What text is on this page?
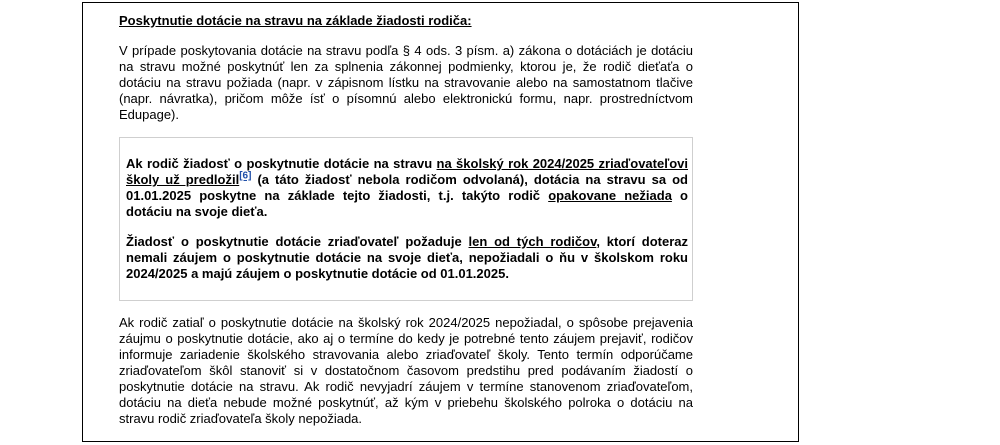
Poskytnutie dotácie na stravu na základe žiadosti rodiča:

V prípade poskytovania dotácie na stravu podľa § 4 ods. 3 písm. a) zákona o dotáciách je dotáciu na stravu možné poskytnúť len za splnenia zákonnej podmienky, ktorou je, že rodič dieťaťa o dotáciu na stravu požiada (napr. v zápisnom lístku na stravovanie alebo na samostatnom tlačive (napr. návratka), pričom môže ísť o písomnú alebo elektronickú formu, napr. prostredníctvom Edupage).

Ak rodič žiadosť o poskytnutie dotácie na stravu na školský rok 2024/2025 zriaďovateľovi školy už predložil[6] (a táto žiadosť nebola rodičom odvolaná), dotácia na stravu sa od 01.01.2025 poskytne na základe tejto žiadosti, t.j. takýto rodič opakovane nežiada o dotáciu na svoje dieťa.

Žiadosť o poskytnutie dotácie zriaďovateľ požaduje len od tých rodičov, ktorí doteraz nemali záujem o poskytnutie dotácie na svoje dieťa, nepožiadali o ňu v školskom roku 2024/2025 a majú záujem o poskytnutie dotácie od 01.01.2025.

Ak rodič zatiaľ o poskytnutie dotácie na školský rok 2024/2025 nepožiadal, o spôsobe prejavenia záujmu o poskytnutie dotácie, ako aj o termíne do kedy je potrebné tento záujem prejaviť, rodičov informuje zariadenie školského stravovania alebo zriaďovateľ školy. Tento termín odporúčame zriaďovateľom škôl stanoviť si v dostatočnom časovom predstihu pred podávaním žiadostí o poskytnutie dotácie na stravu. Ak rodič nevyjadrí záujem v termíne stanovenom zriaďovateľom, dotáciu na dieťa nebude možné poskytnúť, až kým v priebehu školského polroka o dotáciu na stravu rodič zriaďovateľa školy nepožiada.
